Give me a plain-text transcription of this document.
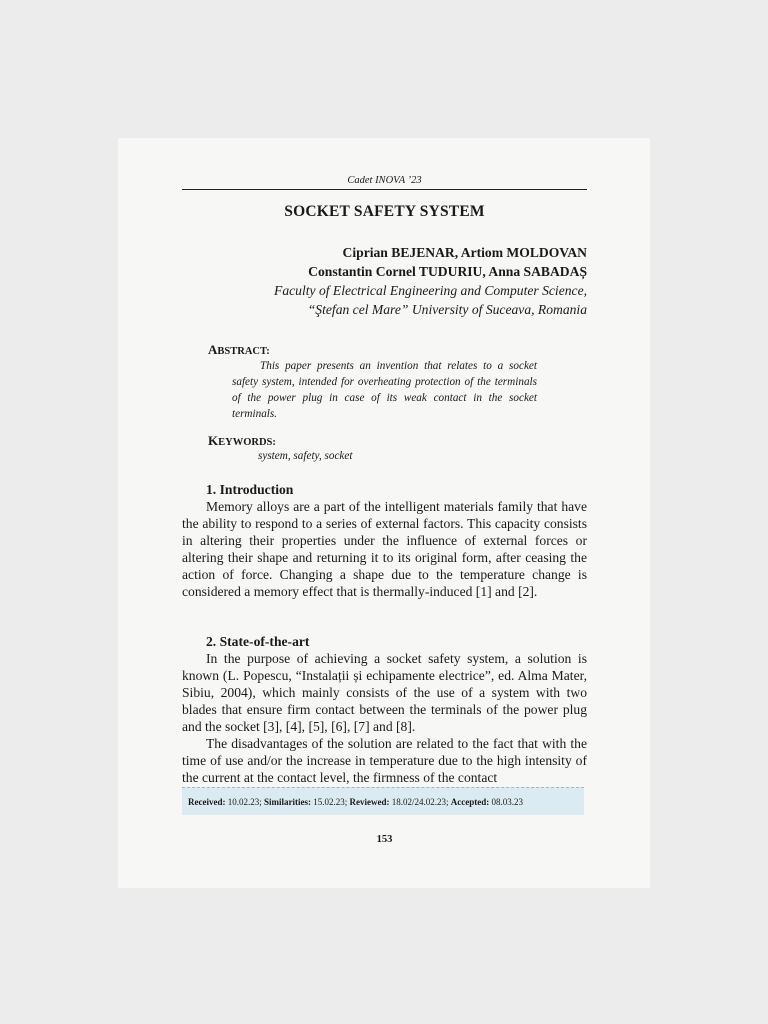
Cadet INOVA ’23
SOCKET SAFETY SYSTEM
Ciprian BEJENAR, Artiom MOLDOVAN
Constantin Cornel TUDURIU, Anna SABADAȘ
Faculty of Electrical Engineering and Computer Science,
“Ştefan cel Mare” University of Suceava, Romania
ABSTRACT:

This paper presents an invention that relates to a socket safety system, intended for overheating protection of the terminals of the power plug in case of its weak contact in the socket terminals.

KEYWORDS:
system, safety, socket

1. Introduction

Memory alloys are a part of the intelligent materials family that have the ability to respond to a series of external factors. This capacity consists in altering their properties under the influence of external forces or altering their shape and returning it to its original form, after ceasing the action of force. Changing a shape due to the temperature change is considered a memory effect that is thermally-induced [1] and [2].

2. State-of-the-art

In the purpose of achieving a socket safety system, a solution is known (L. Popescu, “Instalații și echipamente electrice”, ed. Alma Mater, Sibiu, 2004), which mainly consists of the use of a system with two blades that ensure firm contact between the terminals of the power plug and the socket [3], [4], [5], [6], [7] and [8].

The disadvantages of the solution are related to the fact that with the time of use and/or the increase in temperature due to the high intensity of the current at the contact level, the firmness of the contact

Received: 10.02.23; Similarities: 15.02.23; Reviewed: 18.02/24.02.23; Accepted: 08.03.23
153
